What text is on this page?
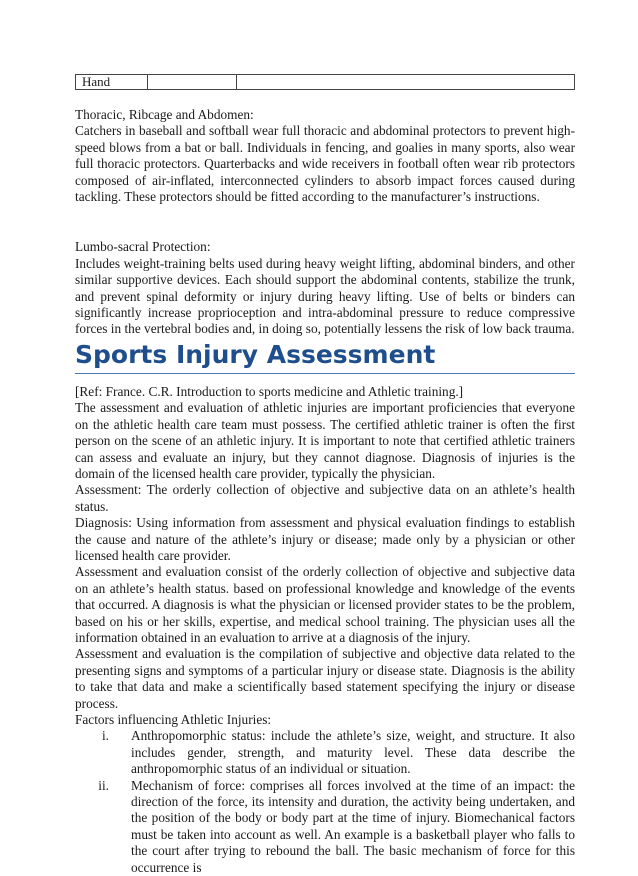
Hand		

Thoracic, Ribcage and Abdomen:

Catchers in baseball and softball wear full thoracic and abdominal protectors to prevent high-speed blows from a bat or ball. Individuals in fencing, and goalies in many sports, also wear full thoracic protectors. Quarterbacks and wide receivers in football often wear rib protectors composed of air-inflated, interconnected cylinders to absorb impact forces caused during tackling. These protectors should be fitted according to the manufacturer’s instructions.

Lumbo-sacral Protection:

Includes weight-training belts used during heavy weight lifting, abdominal binders, and other similar supportive devices. Each should support the abdominal contents, stabilize the trunk, and prevent spinal deformity or injury during heavy lifting. Use of belts or binders can significantly increase proprioception and intra-abdominal pressure to reduce compressive forces in the vertebral bodies and, in doing so, potentially lessens the risk of low back trauma.

Sports Injury Assessment

[Ref: France. C.R. Introduction to sports medicine and Athletic training.]

The assessment and evaluation of athletic injuries are important proficiencies that everyone on the athletic health care team must possess. The certified athletic trainer is often the first person on the scene of an athletic injury. It is important to note that certified athletic trainers can assess and evaluate an injury, but they cannot diagnose. Diagnosis of injuries is the domain of the licensed health care provider, typically the physician.

Assessment: The orderly collection of objective and subjective data on an athlete’s health status.

Diagnosis: Using information from assessment and physical evaluation findings to establish the cause and nature of the athlete’s injury or disease; made only by a physician or other licensed health care provider.

Assessment and evaluation consist of the orderly collection of objective and subjective data on an athlete’s health status. based on professional knowledge and knowledge of the events that occurred. A diagnosis is what the physician or licensed provider states to be the problem, based on his or her skills, expertise, and medical school training. The physician uses all the information obtained in an evaluation to arrive at a diagnosis of the injury.

Assessment and evaluation is the compilation of subjective and objective data related to the presenting signs and symptoms of a particular injury or disease state. Diagnosis is the ability to take that data and make a scientifically based statement specifying the injury or disease process.

Factors influencing Athletic Injuries:

i. Anthropomorphic status: include the athlete’s size, weight, and structure. It also includes gender, strength, and maturity level. These data describe the anthropomorphic status of an individual or situation.
ii. Mechanism of force: comprises all forces involved at the time of an impact: the direction of the force, its intensity and duration, the activity being undertaken, and the position of the body or body part at the time of injury. Biomechanical factors must be taken into account as well. An example is a basketball player who falls to the court after trying to rebound the ball. The basic mechanism of force for this occurrence is
